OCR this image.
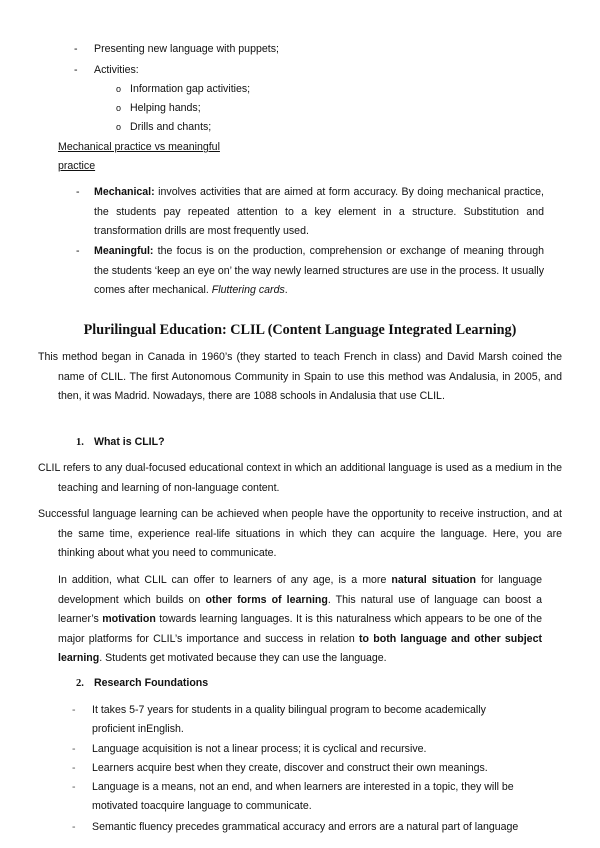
- Presenting new language with puppets;
- Activities:
o Information gap activities;
o Helping hands;
o Drills and chants;
Mechanical practice vs meaningful
practice
- Mechanical: involves activities that are aimed at form accuracy. By doing mechanical practice, the students pay repeated attention to a key element in a structure. Substitution and transformation drills are most frequently used.
- Meaningful: the focus is on the production, comprehension or exchange of meaning through the students ‘keep an eye on’ the way newly learned structures are use in the process. It usually comes after mechanical. Fluttering cards.
Plurilingual Education: CLIL (Content Language Integrated Learning)
This method began in Canada in 1960’s (they started to teach French in class) and David Marsh coined the name of CLIL. The first Autonomous Community in Spain to use this method was Andalusia, in 2005, and then, it was Madrid. Nowadays, there are 1088 schools in Andalusia that use CLIL.
1. What is CLIL?
CLIL refers to any dual-focused educational context in which an additional language is used as a medium in the teaching and learning of non-language content.
Successful language learning can be achieved when people have the opportunity to receive instruction, and at the same time, experience real-life situations in which they can acquire the language. Here, you are thinking about what you need to communicate.
In addition, what CLIL can offer to learners of any age, is a more natural situation for language development which builds on other forms of learning. This natural use of language can boost a learner’s motivation towards learning languages. It is this naturalness which appears to be one of the major platforms for CLIL’s importance and success in relation to both language and other subject learning. Students get motivated because they can use the language.
2. Research Foundations
- It takes 5-7 years for students in a quality bilingual program to become academically proficient inEnglish.
- Language acquisition is not a linear process; it is cyclical and recursive.
- Learners acquire best when they create, discover and construct their own meanings.
- Language is a means, not an end, and when learners are interested in a topic, they will be motivated toacquire language to communicate.
- Semantic fluency precedes grammatical accuracy and errors are a natural part of language
